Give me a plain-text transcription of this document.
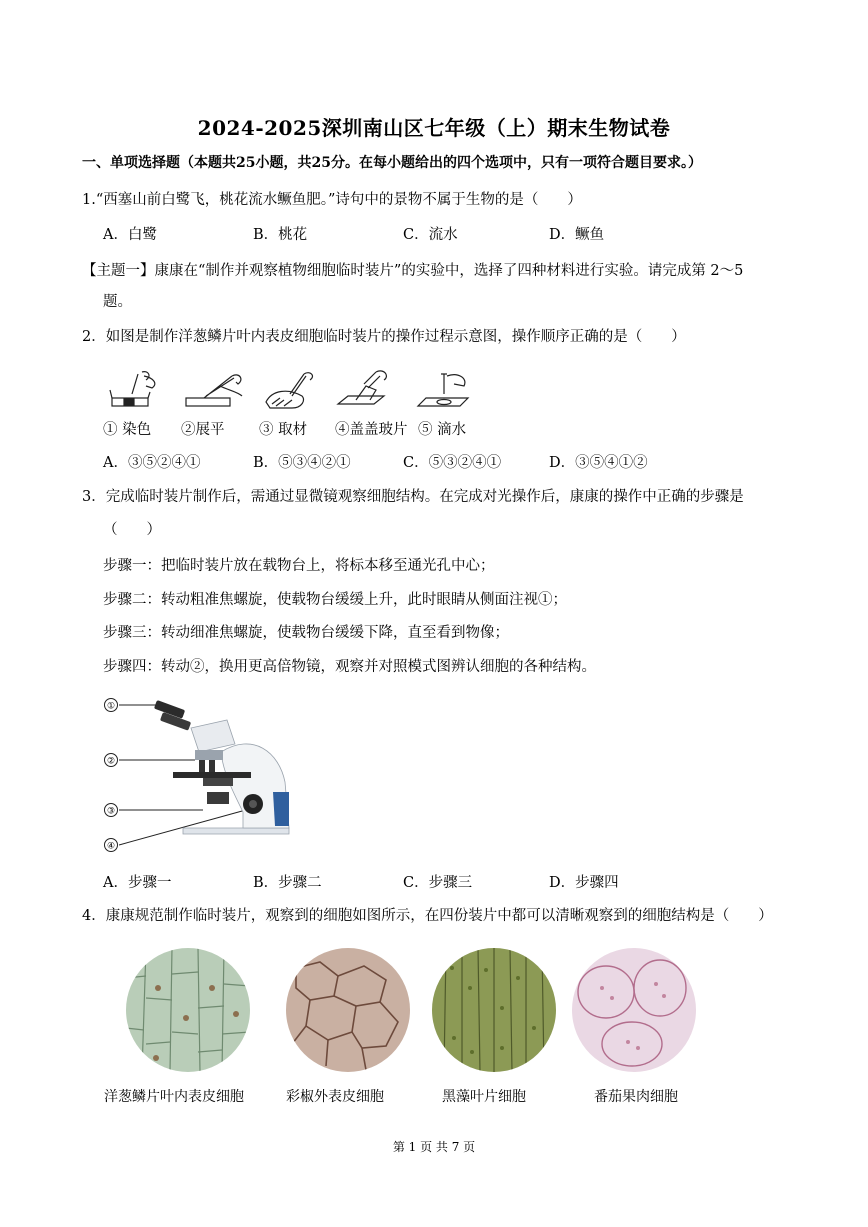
2024-2025深圳南山区七年级（上）期末生物试卷
一、单项选择题（本题共25小题，共25分。在每小题给出的四个选项中，只有一项符合题目要求。）
1.“西塞山前白鹭飞，桃花流水鳜鱼肥。”诗句中的景物不属于生物的是（　　）
A．白鹭	B．桃花	C．流水	D．鳜鱼
【主题一】康康在“制作并观察植物细胞临时装片”的实验中，选择了四种材料进行实验。请完成第 2～5
题。
2．如图是制作洋葱鳞片叶内表皮细胞临时装片的操作过程示意图，操作顺序正确的是（　　）
① 染色 ②展平 ③ 取材 ④盖盖玻片 ⑤ 滴水
A．③⑤②④①	B．⑤③④②①	C．⑤③②④①	D．③⑤④①②
3．完成临时装片制作后，需通过显微镜观察细胞结构。在完成对光操作后，康康的操作中正确的步骤是
（　　）
步骤一：把临时装片放在载物台上，将标本移至通光孔中心；
步骤二：转动粗准焦螺旋，使载物台缓缓上升，此时眼睛从侧面注视①；
步骤三：转动细准焦螺旋，使载物台缓缓下降，直至看到物像；
步骤四：转动②，换用更高倍物镜，观察并对照模式图辨认细胞的各种结构。
①
②
③
④
A．步骤一	B．步骤二	C．步骤三	D．步骤四
4．康康规范制作临时装片，观察到的细胞如图所示，在四份装片中都可以清晰观察到的细胞结构是（　　）
洋葱鳞片叶内表皮细胞	彩椒外表皮细胞	黑藻叶片细胞	番茄果肉细胞
第 1 页 共 7 页
